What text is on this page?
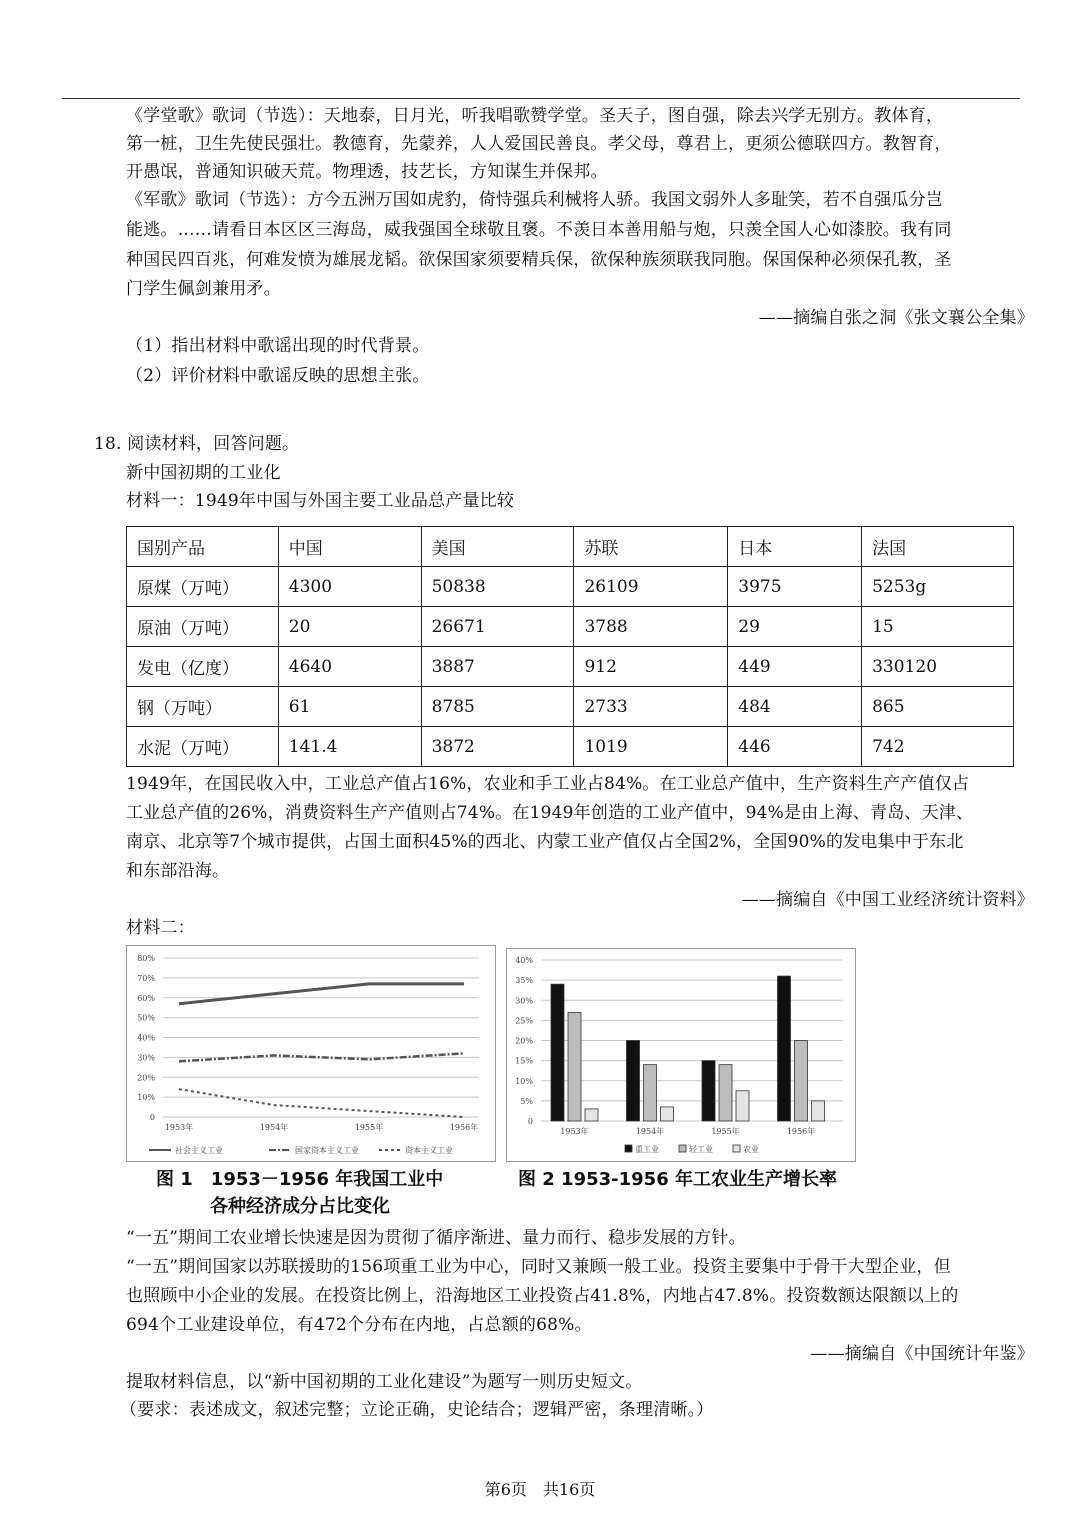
《学堂歌》歌词（节选）：天地泰，日月光，听我唱歌赞学堂。圣天子，图自强，除去兴学无别方。教体育，
第一桩，卫生先使民强壮。教德育，先蒙养，人人爱国民善良。孝父母，尊君上，更须公德联四方。教智育，
开愚氓，普通知识破天荒。物理透，技艺长，方知谋生并保邦。
《军歌》歌词（节选）：方今五洲万国如虎豹，倚恃强兵利械将人骄。我国文弱外人多耻笑，若不自强瓜分岂
能逃。……请看日本区区三海岛，威我强国全球敬且褒。不羡日本善用船与炮，只羡全国人心如漆胶。我有同
种国民四百兆，何难发愤为雄展龙韬。欲保国家须要精兵保，欲保种族须联我同胞。保国保种必须保孔教，圣
门学生佩剑兼用矛。
——摘编自张之洞《张文襄公全集》
（1）指出材料中歌谣出现的时代背景。
（2）评价材料中歌谣反映的思想主张。
18. 阅读材料，回答问题。
新中国初期的工业化
材料一：1949年中国与外国主要工业品总产量比较
国别产品	中国	美国	苏联	日本	法国
原煤（万吨）	4300	50838	26109	3975	5253g
原油（万吨）	20	26671	3788	29	15
发电（亿度）	4640	3887	912	449	330120
钢（万吨）	61	8785	2733	484	865
水泥（万吨）	141.4	3872	1019	446	742
1949年，在国民收入中，工业总产值占16%，农业和手工业占84%。在工业总产值中，生产资料生产产值仅占
工业总产值的26%，消费资料生产产值则占74%。在1949年创造的工业产值中，94%是由上海、青岛、天津、
南京、北京等7个城市提供，占国土面积45%的西北、内蒙工业产值仅占全国2%，全国90%的发电集中于东北
和东部沿海。
——摘编自《中国工业经济统计资料》
材料二：
0
10%
20%
30%
40%
50%
60%
70%
80%
1953年	1954年	1955年	1956年
社会主义工业	国家资本主义工业	资本主义工业
0
5%
10%
15%
20%
25%
30%
35%
40%
1953年	1954年	1955年	1956年
重工业	轻工业	农业
图 1　1953－1956 年我国工业中
各种经济成分占比变化
图 2 1953-1956 年工农业生产增长率
“一五”期间工农业增长快速是因为贯彻了循序渐进、量力而行、稳步发展的方针。
“一五”期间国家以苏联援助的156项重工业为中心，同时又兼顾一般工业。投资主要集中于骨干大型企业，但
也照顾中小企业的发展。在投资比例上，沿海地区工业投资占41.8%，内地占47.8%。投资数额达限额以上的
694个工业建设单位，有472个分布在内地，占总额的68%。
——摘编自《中国统计年鉴》
提取材料信息，以“新中国初期的工业化建设”为题写一则历史短文。
（要求：表述成文，叙述完整；立论正确，史论结合；逻辑严密，条理清晰。）
第6页　共16页
